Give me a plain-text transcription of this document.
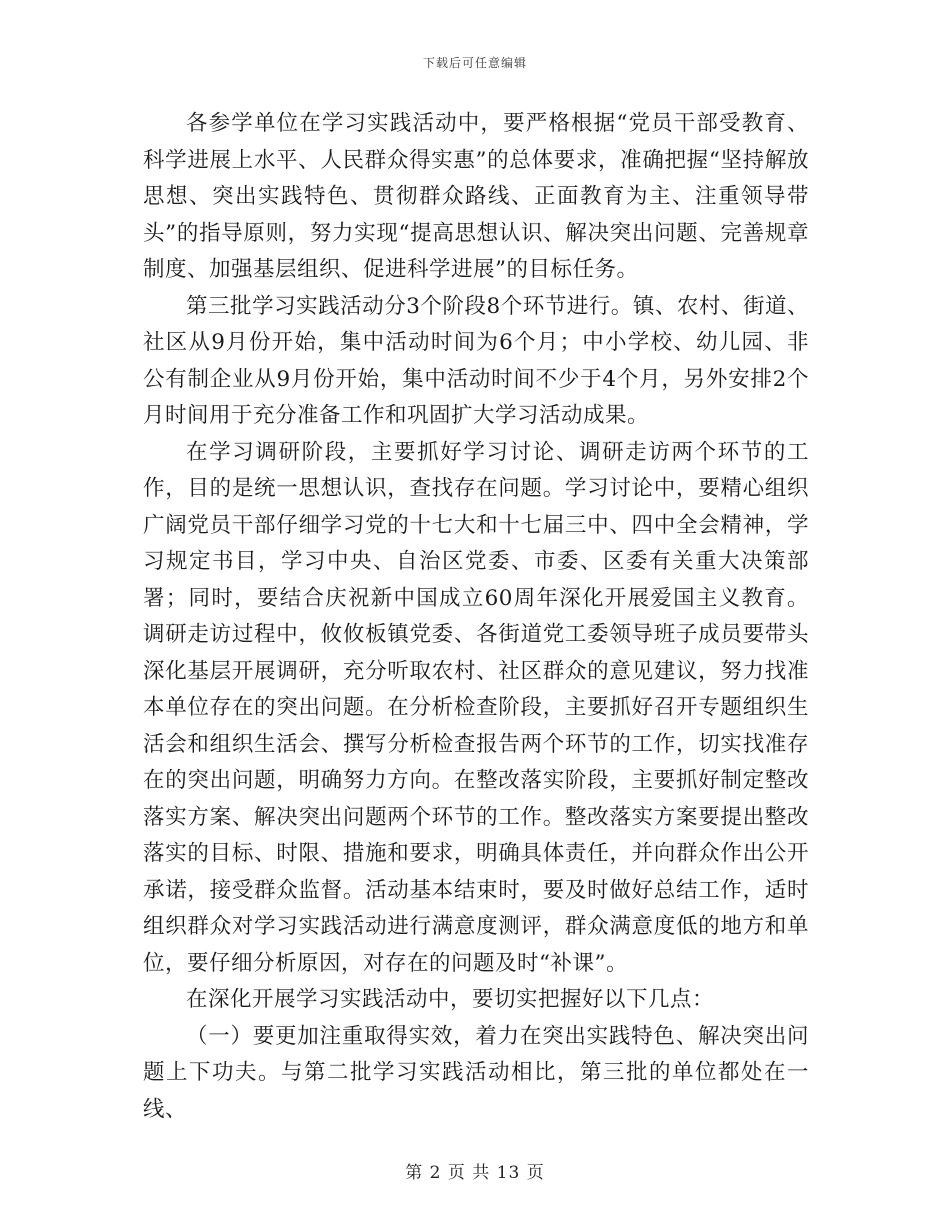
下载后可任意编辑

各参学单位在学习实践活动中，要严格根据“党员干部受教育、科学进展上水平、人民群众得实惠”的总体要求，准确把握“坚持解放思想、突出实践特色、贯彻群众路线、正面教育为主、注重领导带头”的指导原则，努力实现“提高思想认识、解决突出问题、完善规章制度、加强基层组织、促进科学进展”的目标任务。

第三批学习实践活动分3个阶段8个环节进行。镇、农村、街道、社区从9月份开始，集中活动时间为6个月；中小学校、幼儿园、非公有制企业从9月份开始，集中活动时间不少于4个月，另外安排2个月时间用于充分准备工作和巩固扩大学习活动成果。

在学习调研阶段，主要抓好学习讨论、调研走访两个环节的工作，目的是统一思想认识，查找存在问题。学习讨论中，要精心组织广阔党员干部仔细学习党的十七大和十七届三中、四中全会精神，学习规定书目，学习中央、自治区党委、市委、区委有关重大决策部署；同时，要结合庆祝新中国成立60周年深化开展爱国主义教育。调研走访过程中，攸攸板镇党委、各街道党工委领导班子成员要带头深化基层开展调研，充分听取农村、社区群众的意见建议，努力找准本单位存在的突出问题。在分析检查阶段，主要抓好召开专题组织生活会和组织生活会、撰写分析检查报告两个环节的工作，切实找准存在的突出问题，明确努力方向。在整改落实阶段，主要抓好制定整改落实方案、解决突出问题两个环节的工作。整改落实方案要提出整改落实的目标、时限、措施和要求，明确具体责任，并向群众作出公开承诺，接受群众监督。活动基本结束时，要及时做好总结工作，适时组织群众对学习实践活动进行满意度测评，群众满意度低的地方和单位，要仔细分析原因，对存在的问题及时“补课”。

在深化开展学习实践活动中，要切实把握好以下几点：

（一）要更加注重取得实效，着力在突出实践特色、解决突出问题上下功夫。与第二批学习实践活动相比，第三批的单位都处在一线、

第 2 页 共 13 页
